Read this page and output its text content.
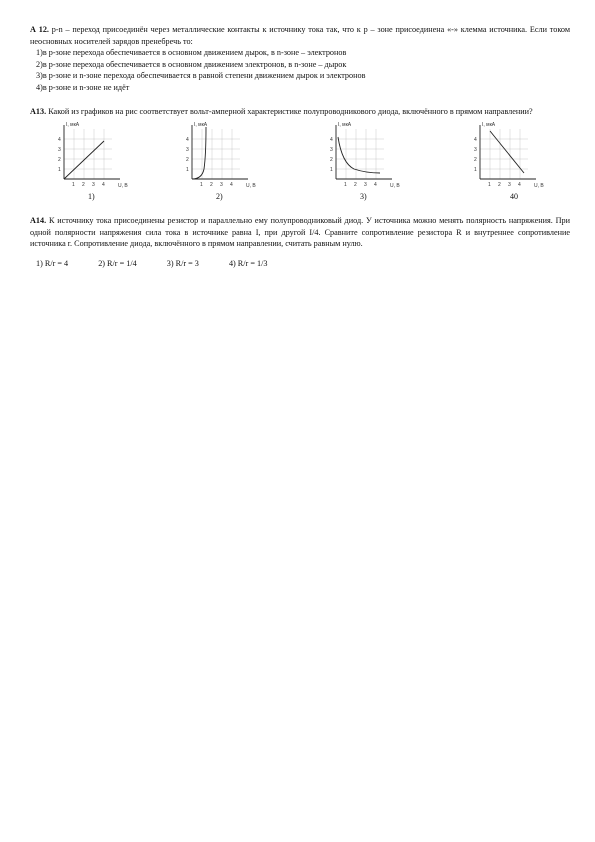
А 12. p-n – переход присоединён через металлические контакты к источнику тока так, что к р – зоне присоединена «-» клемма источника. Если током неосновных носителей зарядов пренебречь то:

1)в р-зоне перехода обеспечивается в основном движением дырок, в n-зоне – электронов

2)в р-зоне перехода обеспечивается в основном движением электронов, в n-зоне – дырок

3)в р-зоне и n-зоне перехода обеспечивается в равной степени движением дырок и электронов

4)в р-зоне и n-зоне не идёт

А13. Какой из графиков на рис соответствует вольт-амперной характеристике полупроводникового диода, включённого в прямом направлении?

I, мкА
U, В
4
3
2
1
1 2 3 4
1)
I, мкА
U, В
4
3
2
1
1 2 3 4
2)
I, мкА
U, В
4
3
2
1
1 2 3 4
3)
I, мкА
U, В
4
3
2
1
1 2 3 4
40

А14. К источнику тока присоединены резистор и параллельно ему полупроводниковый диод. У источника можно менять полярность напряжения. При одной полярности напряжения сила тока в источнике равна I, при другой I/4. Сравните сопротивление резистора R и внутреннее сопротивление источника r. Сопротивление диода, включённого в прямом направлении, считать равным нулю.

1) R/r = 4	2) R/r = 1/4	3) R/r = 3	4) R/r = 1/3
